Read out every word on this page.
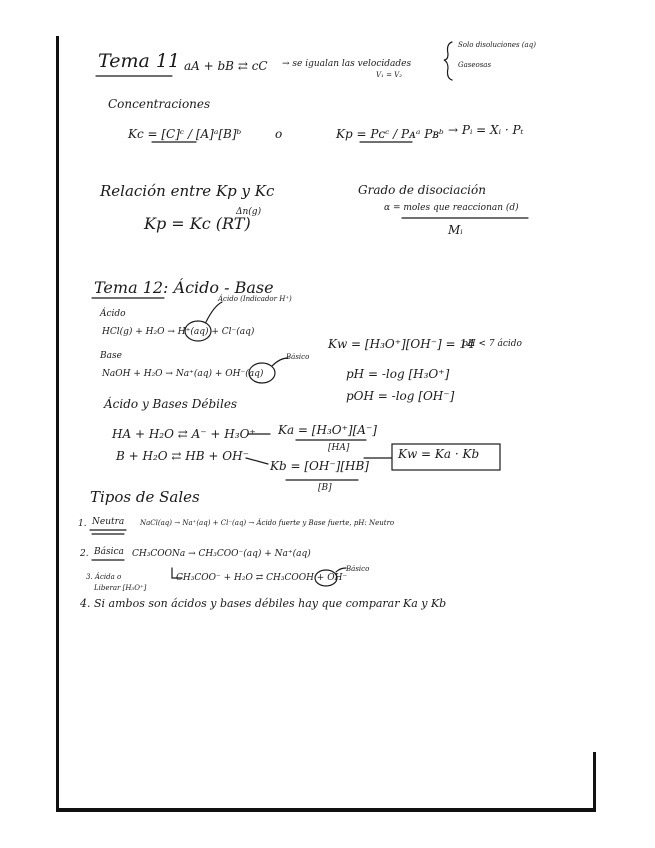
Tema 11 aA + bB ⇄ cC → se igualan las velocidades
V₁ = V₂
Solo disoluciones (aq)
Gaseosas
Concentraciones
Kc = [C]ᶜ / [A]ᵃ[B]ᵇ	o	Kp = Pᴄᶜ / Pᴀᵃ Pʙᵇ → Pᵢ = Xᵢ · Pₜ
Relación entre Kp y Kc	Grado de disociación
Kp = Kc (RT)
Δn(g)	α = moles que reaccionan (d)
Mᵢ
Tema 12: Ácido - Base
Ácido
Ácido (Indicador H⁺)
HCl(g) + H₂O → H⁺(aq) + Cl⁻(aq)
Kw = [H₃O⁺][OH⁻] = 14
pH < 7 ácido
Base	Básico
NaOH + H₂O → Na⁺(aq) + OH⁻(aq)	pH = -log [H₃O⁺]
pOH = -log [OH⁻]
Ácido y Bases Débiles
HA + H₂O ⇄ A⁻ + H₃O⁺ Ka = [H₃O⁺][A⁻]
[HA]
B + H₂O ⇄ HB + OH⁻
Kb = [OH⁻][HB]
[B]
Kw = Ka · Kb
Tipos de Sales
1. Neutra NaCl(aq) → Na⁺(aq) + Cl⁻(aq) → Ácido fuerte y Base fuerte, pH: Neutro
2. Básica CH₃COONa → CH₃COO⁻(aq) + Na⁺(aq)
3. Ácida o
Liberar [H₃O⁺]
CH₃COO⁻ + H₂O ⇄ CH₃COOH + OH⁻
Básico
4. Si ambos son ácidos y bases débiles hay que comparar Ka y Kb
